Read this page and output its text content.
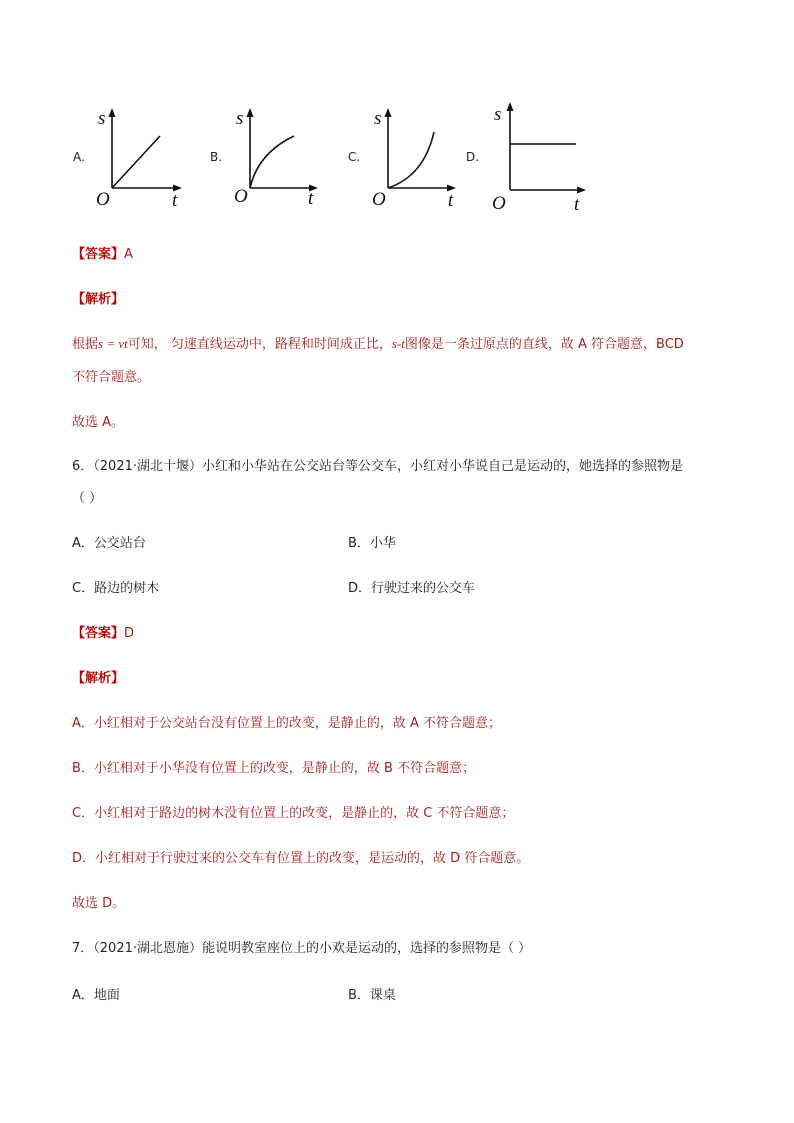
A.
s
t
O
B.
s
t
O
C.
s
t
O
D.
s
t
O
【答案】A
【解析】
根据s = vt可知， 匀速直线运动中，路程和时间成正比，s-t图像是一条过原点的直线，故 A 符合题意，BCD
不符合题意。
故选 A。
6．（2021·湖北十堰）小红和小华站在公交站台等公交车，小红对小华说自己是运动的，她选择的参照物是
（ ）
A．公交站台	B．小华
C．路边的树木	D．行驶过来的公交车
【答案】D
【解析】
A．小红相对于公交站台没有位置上的改变，是静止的，故 A 不符合题意；
B．小红相对于小华没有位置上的改变，是静止的，故 B 不符合题意；
C．小红相对于路边的树木没有位置上的改变，是静止的，故 C 不符合题意；
D．小红相对于行驶过来的公交车有位置上的改变，是运动的，故 D 符合题意。
故选 D。
7．（2021·湖北恩施）能说明教室座位上的小欢是运动的，选择的参照物是（ ）
A．地面	B．课桌
